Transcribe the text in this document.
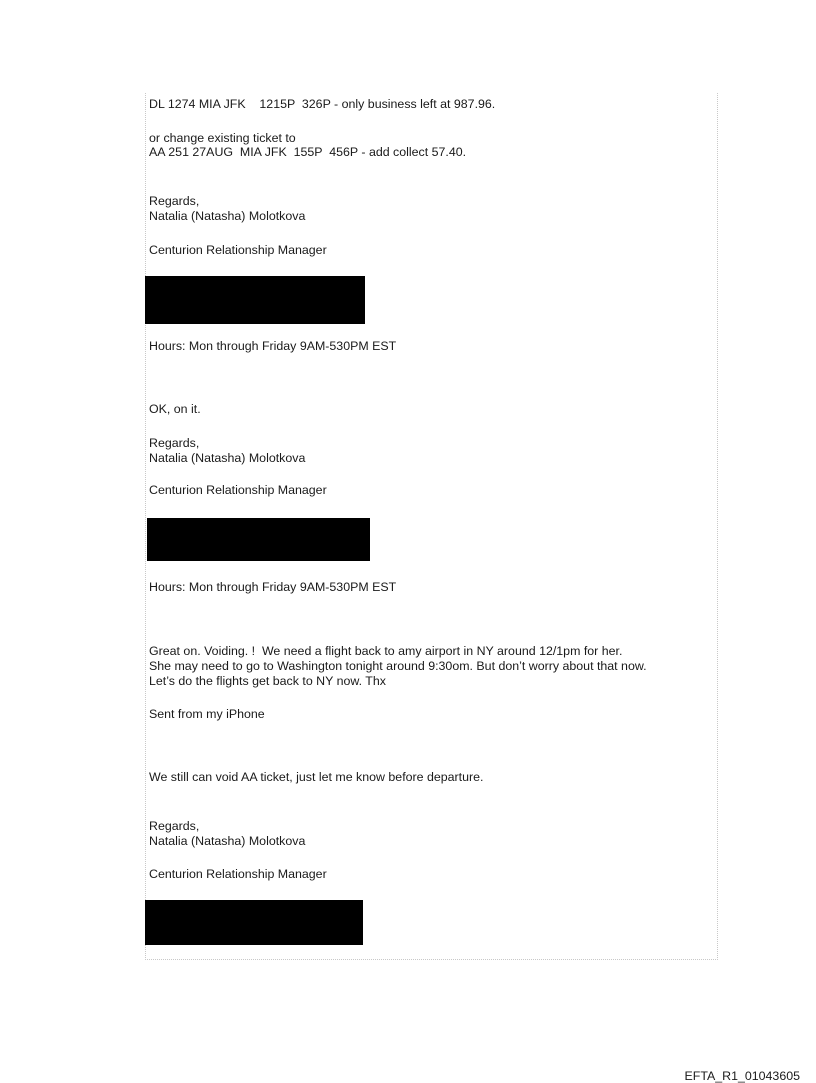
DL 1274 MIA JFK    1215P  326P - only business left at 987.96.

or change existing ticket to

AA 251 27AUG  MIA JFK  155P  456P - add collect 57.40.

Regards,

Natalia (Natasha) Molotkova

Centurion Relationship Manager

Hours: Mon through Friday 9AM-530PM EST

OK, on it.

Regards,

Natalia (Natasha) Molotkova

Centurion Relationship Manager

Hours: Mon through Friday 9AM-530PM EST

Great on. Voiding. !  We need a flight back to amy airport in NY around 12/1pm for her.

She may need to go to Washington tonight around 9:30om. But don’t worry about that now.

Let’s do the flights get back to NY now. Thx

Sent from my iPhone

We still can void AA ticket, just let me know before departure.

Regards,

Natalia (Natasha) Molotkova

Centurion Relationship Manager

EFTA_R1_01043605
